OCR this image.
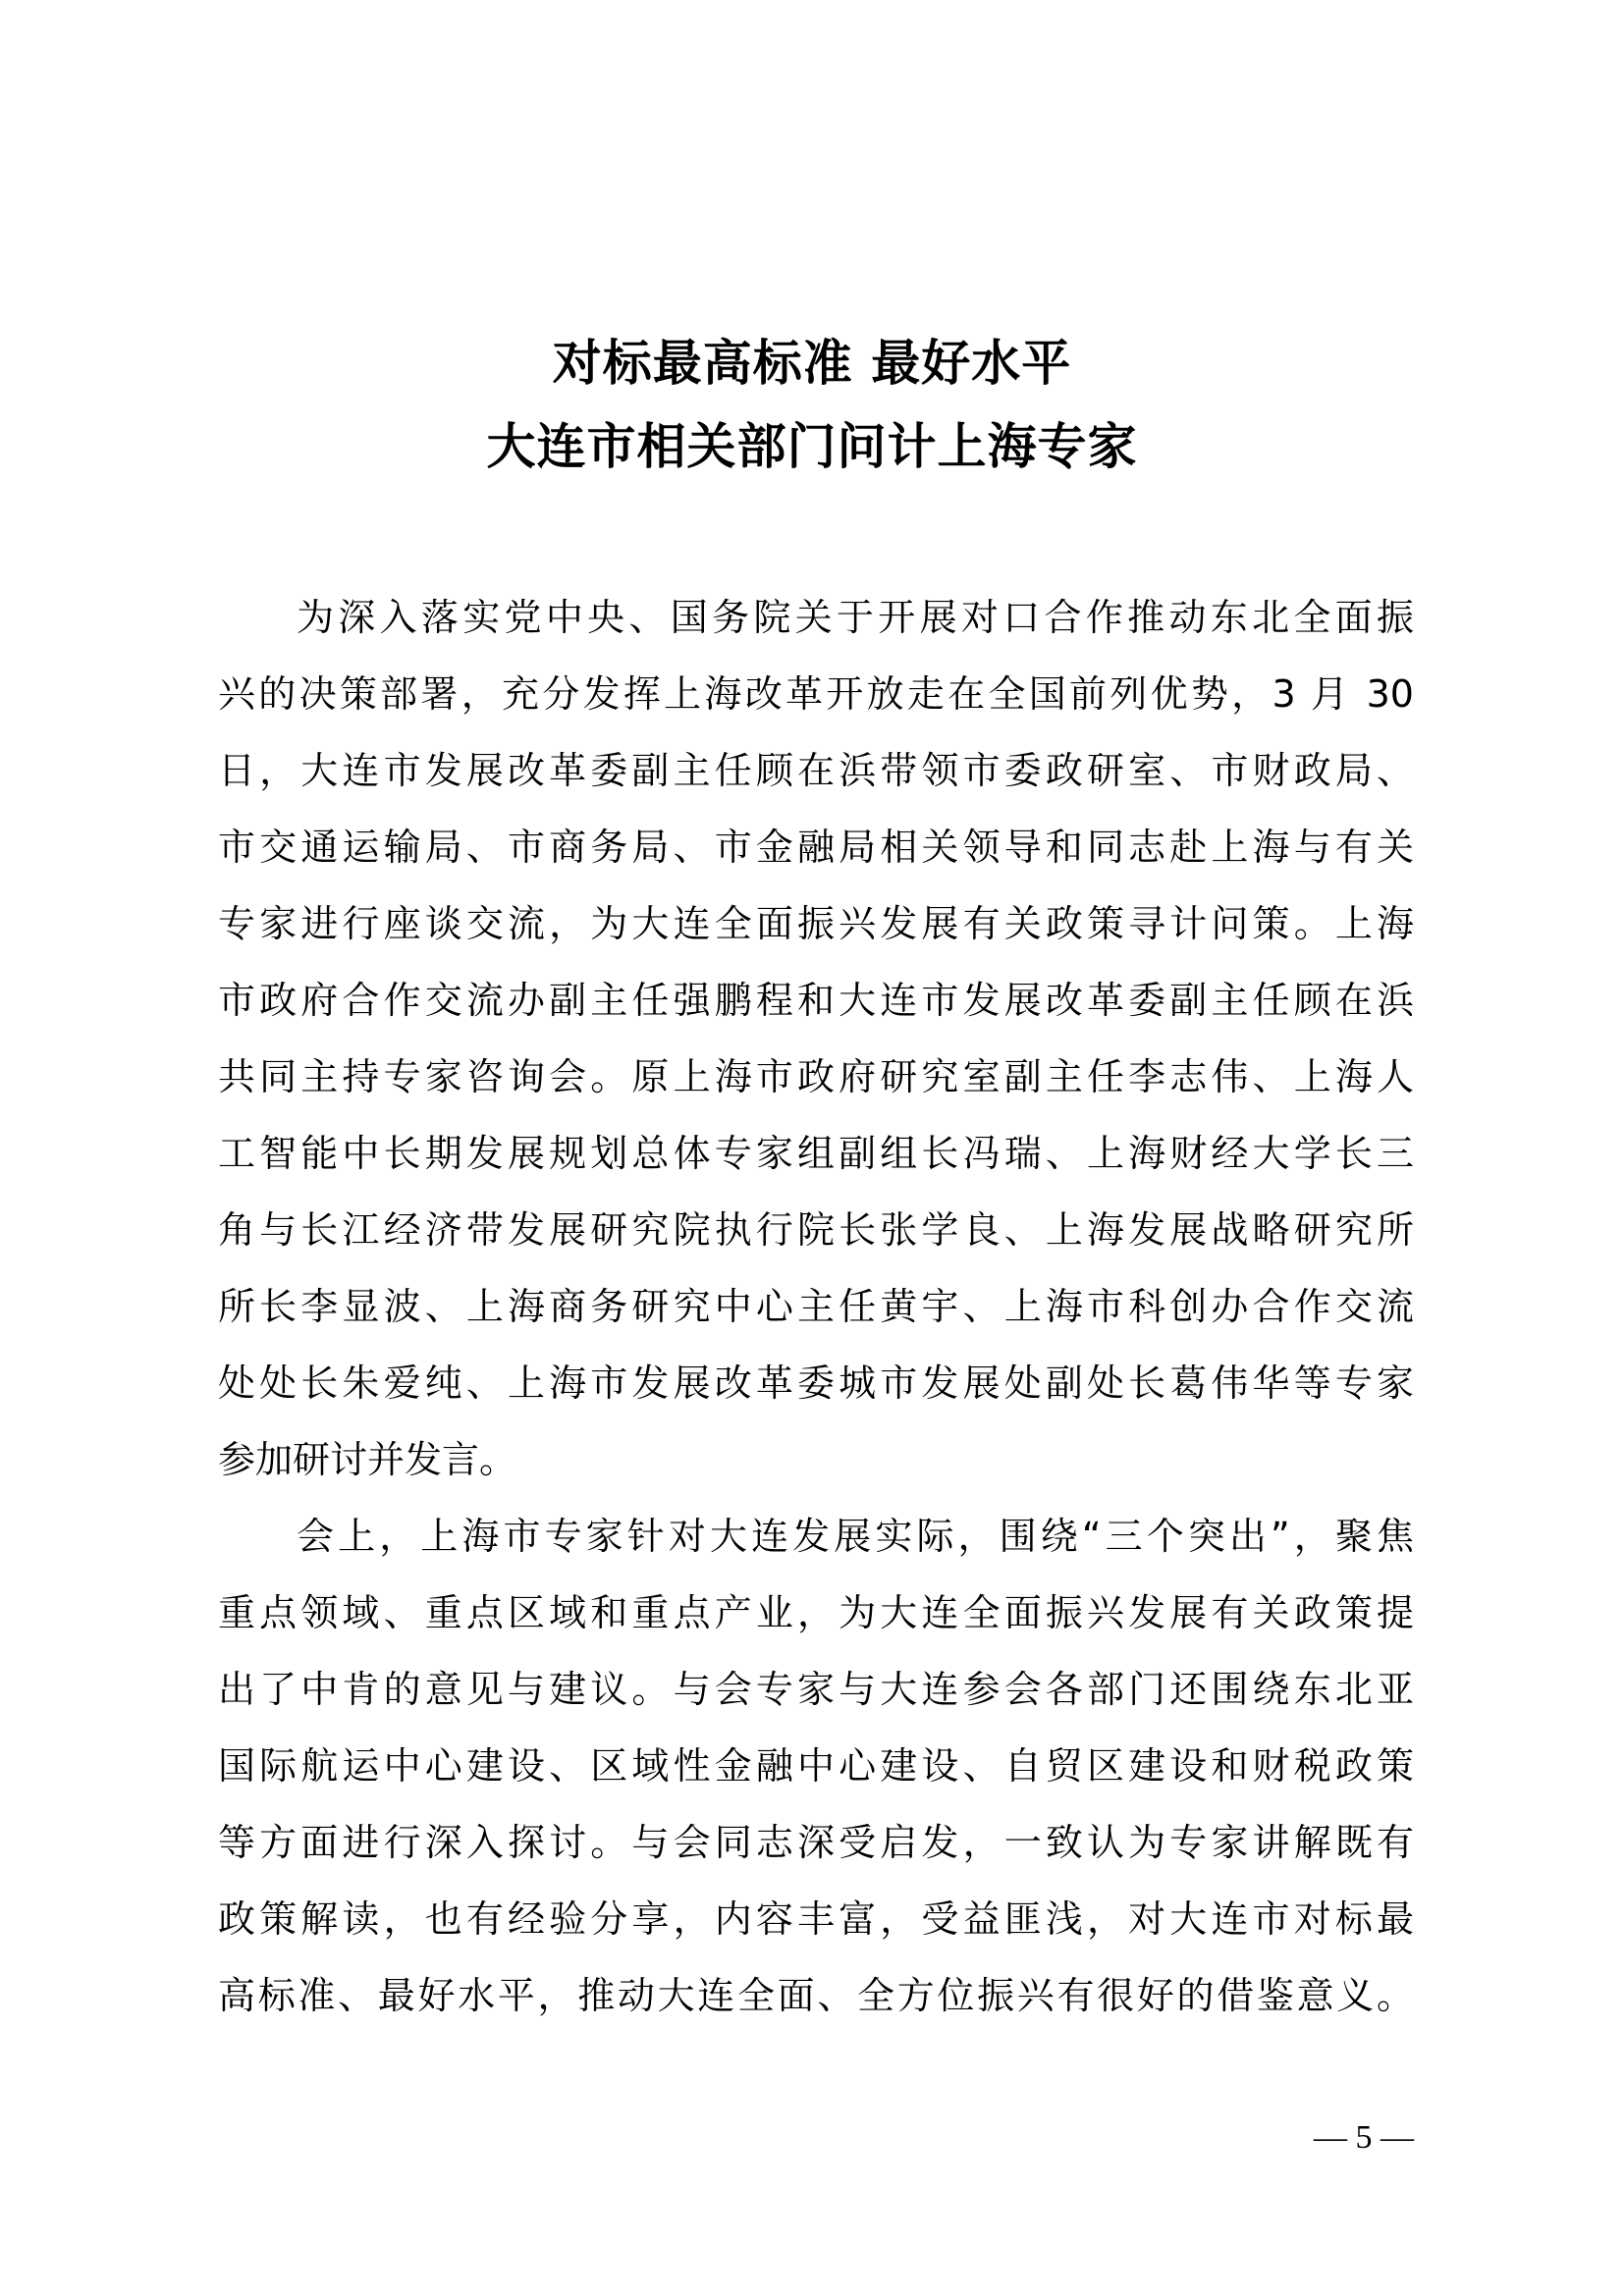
对标最高标准 最好水平
大连市相关部门问计上海专家
为深入落实党中央、国务院关于开展对口合作推动东北全面振
兴的决策部署，充分发挥上海改革开放走在全国前列优势，3 月 30
日，大连市发展改革委副主任顾在浜带领市委政研室、市财政局、
市交通运输局、市商务局、市金融局相关领导和同志赴上海与有关
专家进行座谈交流，为大连全面振兴发展有关政策寻计问策。上海
市政府合作交流办副主任强鹏程和大连市发展改革委副主任顾在浜
共同主持专家咨询会。原上海市政府研究室副主任李志伟、上海人
工智能中长期发展规划总体专家组副组长冯瑞、上海财经大学长三
角与长江经济带发展研究院执行院长张学良、上海发展战略研究所
所长李显波、上海商务研究中心主任黄宇、上海市科创办合作交流
处处长朱爱纯、上海市发展改革委城市发展处副处长葛伟华等专家
参加研讨并发言。
会上，上海市专家针对大连发展实际，围绕“三个突出”，聚焦
重点领域、重点区域和重点产业，为大连全面振兴发展有关政策提
出了中肯的意见与建议。与会专家与大连参会各部门还围绕东北亚
国际航运中心建设、区域性金融中心建设、自贸区建设和财税政策
等方面进行深入探讨。与会同志深受启发，一致认为专家讲解既有
政策解读，也有经验分享，内容丰富，受益匪浅，对大连市对标最
高标准、最好水平，推动大连全面、全方位振兴有很好的借鉴意义。
— 5 —
